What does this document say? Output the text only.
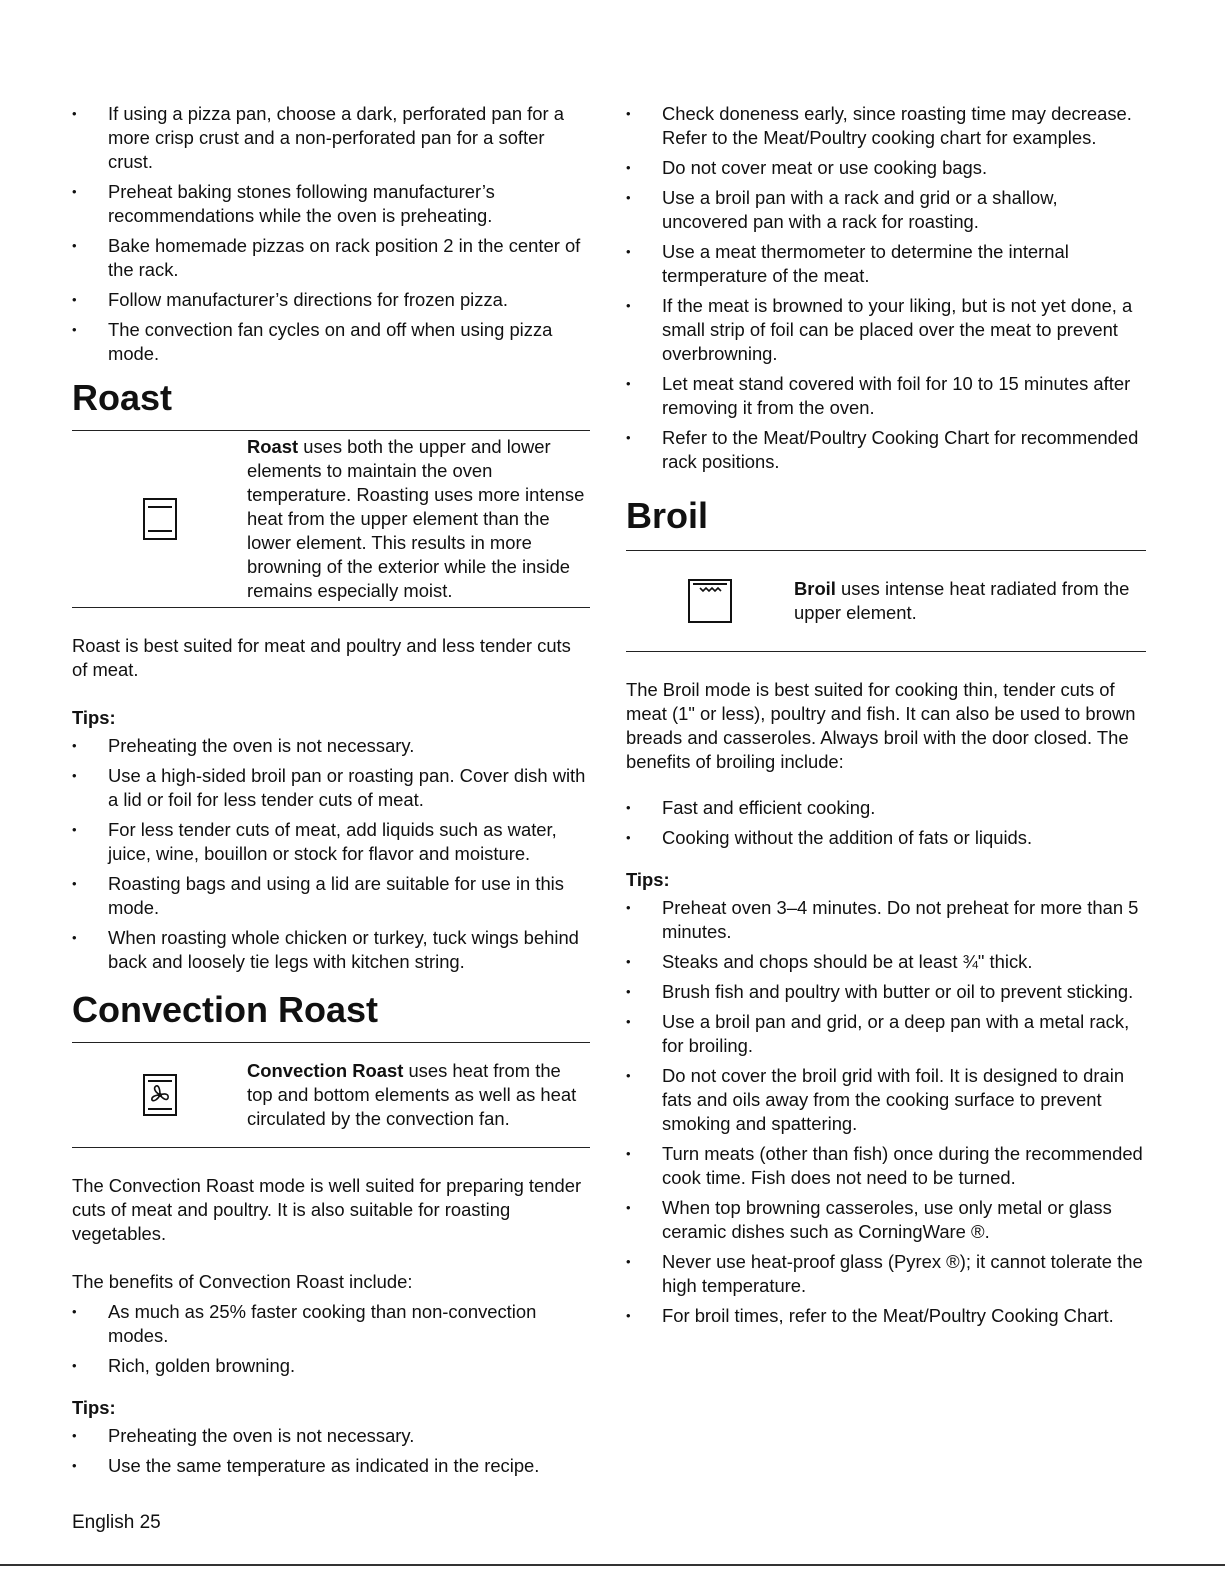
• If using a pizza pan, choose a dark, perforated pan for a more crisp crust and a non-perforated pan for a softer crust.
• Preheat baking stones following manufacturer’s recommendations while the oven is preheating.
• Bake homemade pizzas on rack position 2 in the center of the rack.
• Follow manufacturer’s directions for frozen pizza.
• The convection fan cycles on and off when using pizza mode.
Roast
Roast uses both the upper and lower elements to maintain the oven temperature. Roasting uses more intense heat from the upper element than the lower element. This results in more browning of the exterior while the inside remains especially moist.

Roast is best suited for meat and poultry and less tender cuts of meat.

Tips:

• Preheating the oven is not necessary.
• Use a high-sided broil pan or roasting pan. Cover dish with a lid or foil for less tender cuts of meat.
• For less tender cuts of meat, add liquids such as water, juice, wine, bouillon or stock for flavor and moisture.
• Roasting bags and using a lid are suitable for use in this mode.
• When roasting whole chicken or turkey, tuck wings behind back and loosely tie legs with kitchen string.
Convection Roast
Convection Roast uses heat from the top and bottom elements as well as heat circulated by the convection fan.

The Convection Roast mode is well suited for preparing tender cuts of meat and poultry. It is also suitable for roasting vegetables.

The benefits of Convection Roast include:

• As much as 25% faster cooking than non-convection modes.
• Rich, golden browning.

Tips:

• Preheating the oven is not necessary.
• Use the same temperature as indicated in the recipe.
• Check doneness early, since roasting time may decrease. Refer to the Meat/Poultry cooking chart for examples.
• Do not cover meat or use cooking bags.
• Use a broil pan with a rack and grid or a shallow, uncovered pan with a rack for roasting.
• Use a meat thermometer to determine the internal termperature of the meat.
• If the meat is browned to your liking, but is not yet done, a small strip of foil can be placed over the meat to prevent overbrowning.
• Let meat stand covered with foil for 10 to 15 minutes after removing it from the oven.
• Refer to the Meat/Poultry Cooking Chart for recommended rack positions.
Broil
Broil uses intense heat radiated from the upper element.

The Broil mode is best suited for cooking thin, tender cuts of meat (1" or less), poultry and fish. It can also be used to brown breads and casseroles. Always broil with the door closed. The benefits of broiling include:

• Fast and efficient cooking.
• Cooking without the addition of fats or liquids.

Tips:

• Preheat oven 3–4 minutes. Do not preheat for more than 5 minutes.
• Steaks and chops should be at least ¾" thick.
• Brush fish and poultry with butter or oil to prevent sticking.
• Use a broil pan and grid, or a deep pan with a metal rack, for broiling.
• Do not cover the broil grid with foil. It is designed to drain fats and oils away from the cooking surface to prevent smoking and spattering.
• Turn meats (other than fish) once during the recommended cook time. Fish does not need to be turned.
• When top browning casseroles, use only metal or glass ceramic dishes such as CorningWare ®.
• Never use heat-proof glass (Pyrex ®); it cannot tolerate the high temperature.
• For broil times, refer to the Meat/Poultry Cooking Chart.
English 25
